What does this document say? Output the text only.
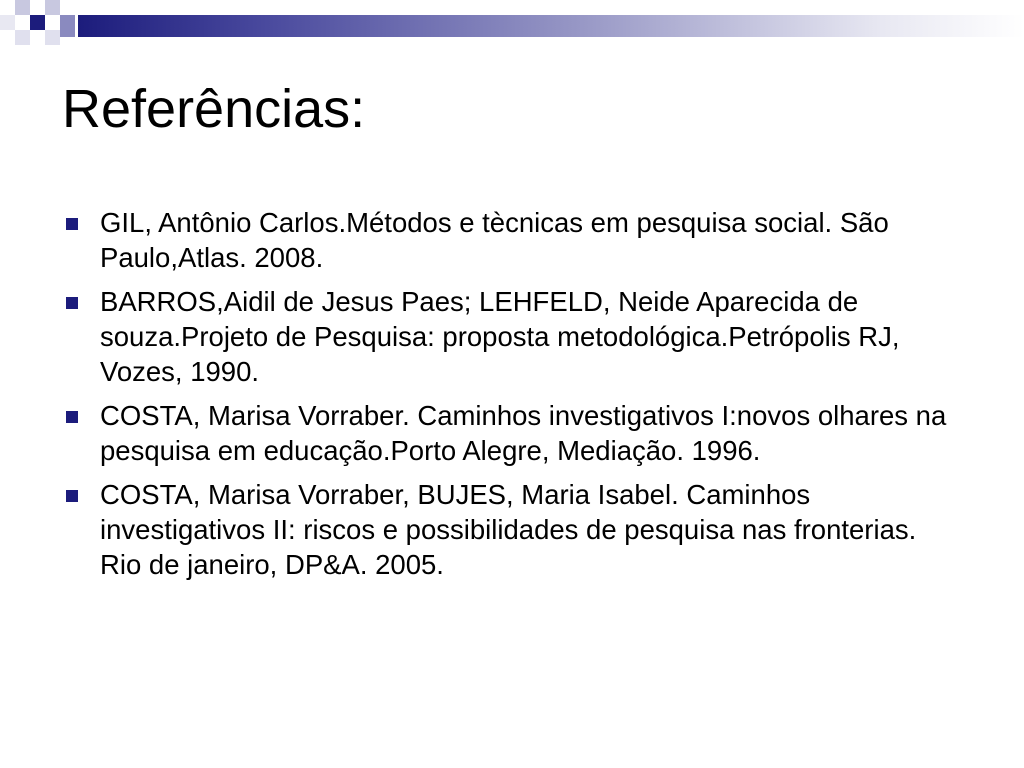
Referências:
GIL, Antônio Carlos.Métodos e tècnicas em pesquisa social. São Paulo,Atlas. 2008.
BARROS,Aidil de Jesus Paes; LEHFELD, Neide Aparecida de souza.Projeto de Pesquisa: proposta metodológica.Petrópolis RJ, Vozes, 1990.
COSTA, Marisa Vorraber. Caminhos investigativos I:novos olhares na pesquisa em educação.Porto Alegre, Mediação. 1996.
COSTA, Marisa Vorraber, BUJES, Maria Isabel. Caminhos investigativos II: riscos e possibilidades de pesquisa nas fronterias. Rio de janeiro, DP&A. 2005.
